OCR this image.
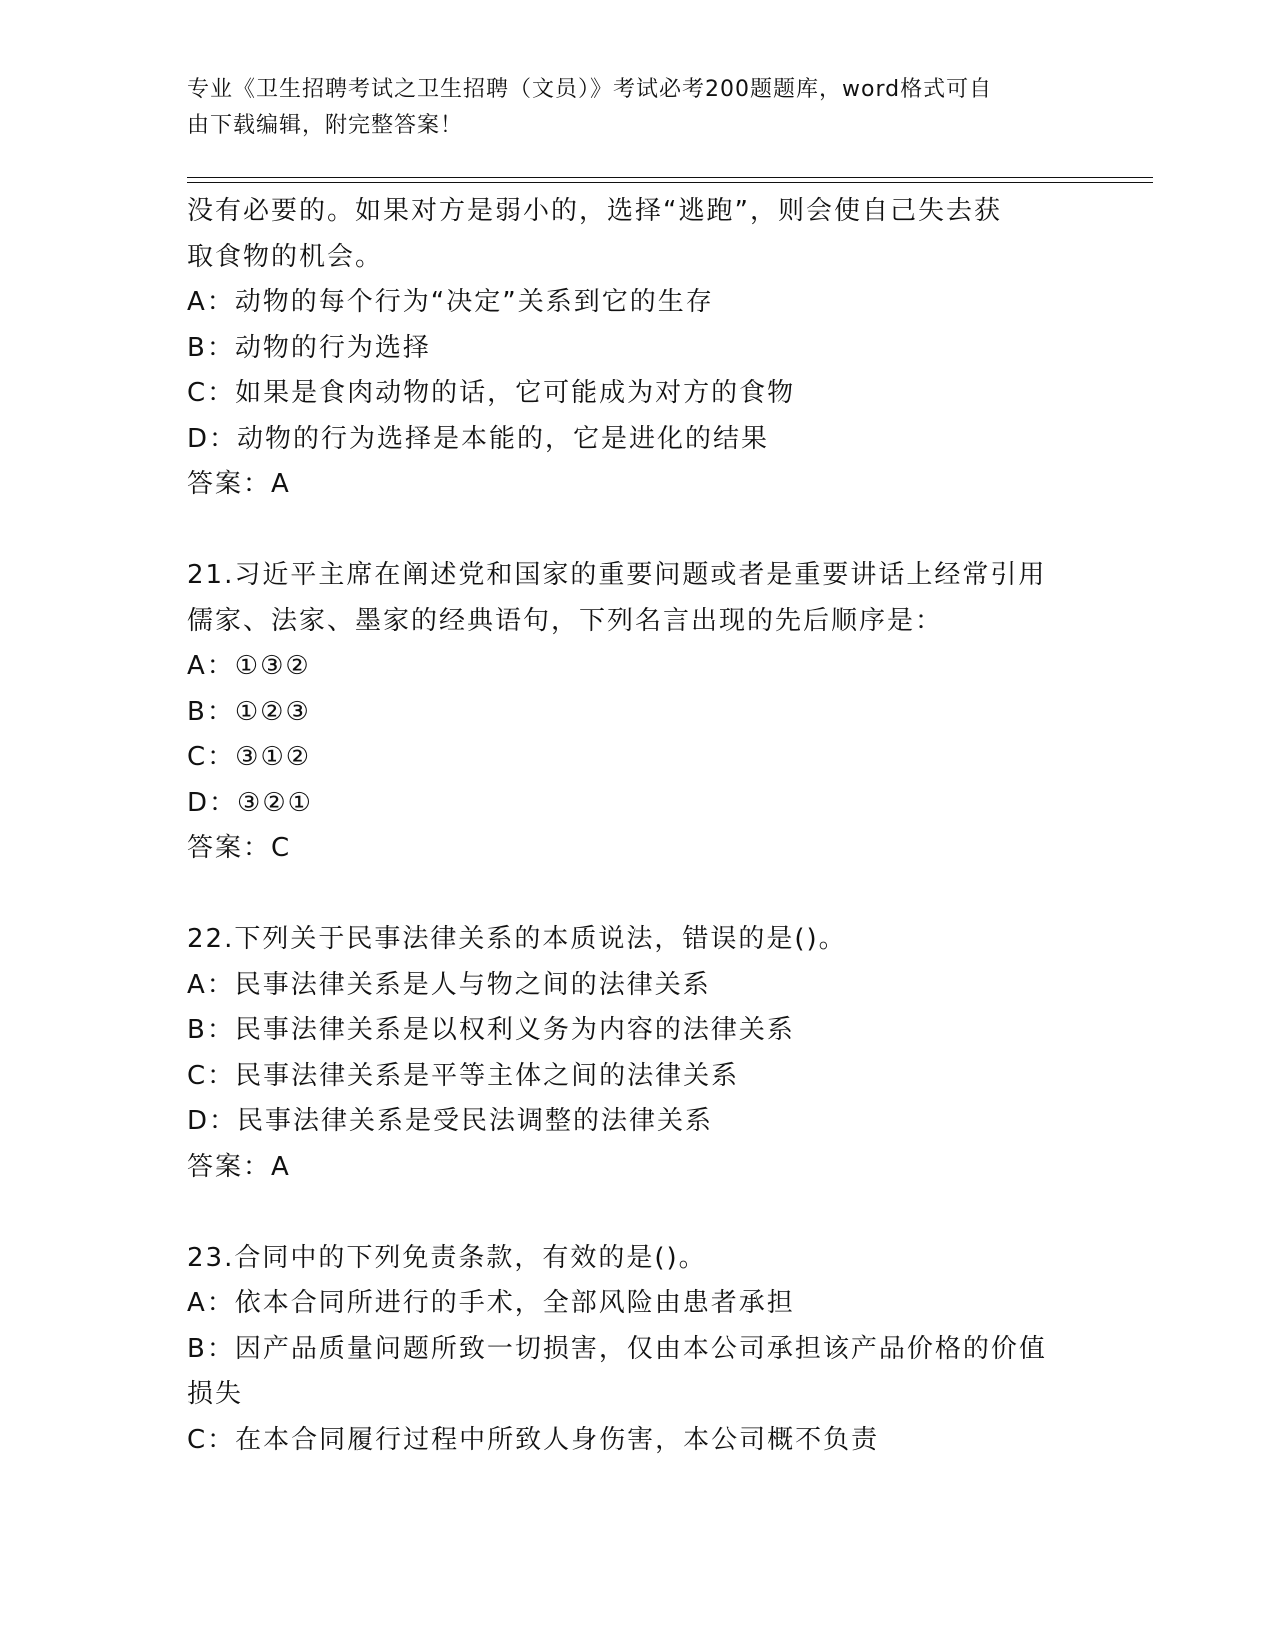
专业《卫生招聘考试之卫生招聘（文员）》考试必考200题题库，word格式可自
由下载编辑，附完整答案！
没有必要的。如果对方是弱小的，选择“逃跑”，则会使自己失去获
取食物的机会。
A：动物的每个行为“决定”关系到它的生存
B：动物的行为选择
C：如果是食肉动物的话，它可能成为对方的食物
D：动物的行为选择是本能的，它是进化的结果
答案：A
21.习近平主席在阐述党和国家的重要问题或者是重要讲话上经常引用
儒家、法家、墨家的经典语句，下列名言出现的先后顺序是：
A：①③②
B：①②③
C：③①②
D：③②①
答案：C
22.下列关于民事法律关系的本质说法，错误的是()。
A：民事法律关系是人与物之间的法律关系
B：民事法律关系是以权利义务为内容的法律关系
C：民事法律关系是平等主体之间的法律关系
D：民事法律关系是受民法调整的法律关系
答案：A
23.合同中的下列免责条款，有效的是()。
A：依本合同所进行的手术，全部风险由患者承担
B：因产品质量问题所致一切损害，仅由本公司承担该产品价格的价值
损失
C：在本合同履行过程中所致人身伤害，本公司概不负责
